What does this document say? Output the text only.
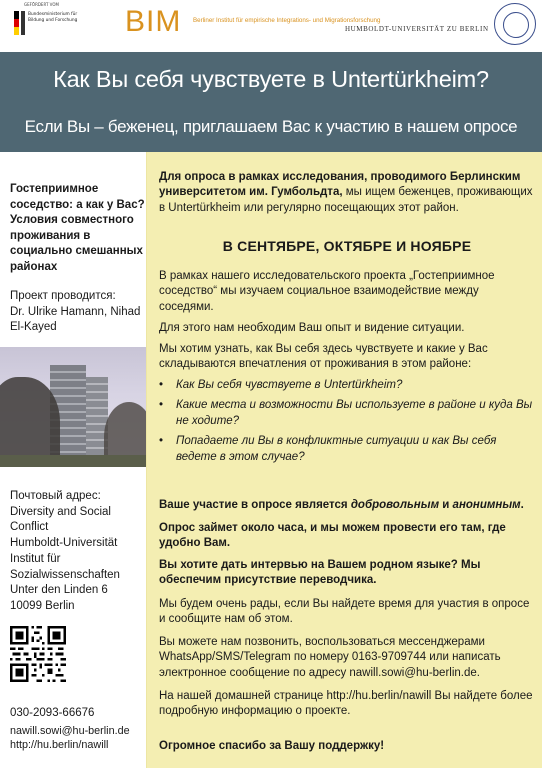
GEFÖRDERT VOM
Bundesministerium für Bildung und Forschung	BIM Berliner Institut für empirische Integrations- und Migrationsforschung
HUMBOLDT-UNIVERSITÄT ZU BERLIN
Как Вы себя чувствуете в Untertürkheim?
Если Вы – беженец, приглашаем Вас к участию в нашем опросе
Гостеприимное соседство: а как у Вас? Условия совместного проживания в социально смешанных районах
Проект проводится:
Dr. Ulrike Hamann, Nihad El-Kayed
Почтовый адрес:
Diversity and Social Conflict
Humboldt-Universität
Institut für Sozialwissenschaften
Unter den Linden 6
10099 Berlin
030-2093-66676
nawill.sowi@hu-berlin.de
http://hu.berlin/nawill

Для опроса в рамках исследования, проводимого Берлинским университетом им. Гумбольдта, мы ищем беженцев, проживающих в Untertürkheim или регулярно посещающих этот район.

В СЕНТЯБРЕ, ОКТЯБРЕ И НОЯБРЕ

В рамках нашего исследовательского проекта „Гостеприимное соседство“ мы изучаем социальное взаимодействие между соседями.

Для этого нам необходим Ваш опыт и видение ситуации.

Мы хотим узнать, как Вы себя здесь чувствуете и какие у Вас складываются впечатления от проживания в этом районе:

• Как Вы себя чувствуете в Untertürkheim?
• Какие места и возможности Вы используете в районе и куда Вы не ходите?
• Попадаете ли Вы в конфликтные ситуации и как Вы себя ведете в этом случае?

Ваше участие в опросе является добровольным и анонимным.

Опрос займет около часа, и мы можем провести его там, где удобно Вам.

Вы хотите дать интервью на Вашем родном языке? Мы обеспечим присутствие переводчика.

Мы будем очень рады, если Вы найдете время для участия в опросе и сообщите нам об этом.

Вы можете нам позвонить, воспользоваться мессенджерами WhatsApp/SMS/Telegram по номеру 0163-9709744 или написать электронное сообщение по адресу nawill.sowi@hu-berlin.de.

На нашей домашней странице http://hu.berlin/nawill Вы найдете более подробную информацию о проекте.

Огромное спасибо за Вашу поддержку!
